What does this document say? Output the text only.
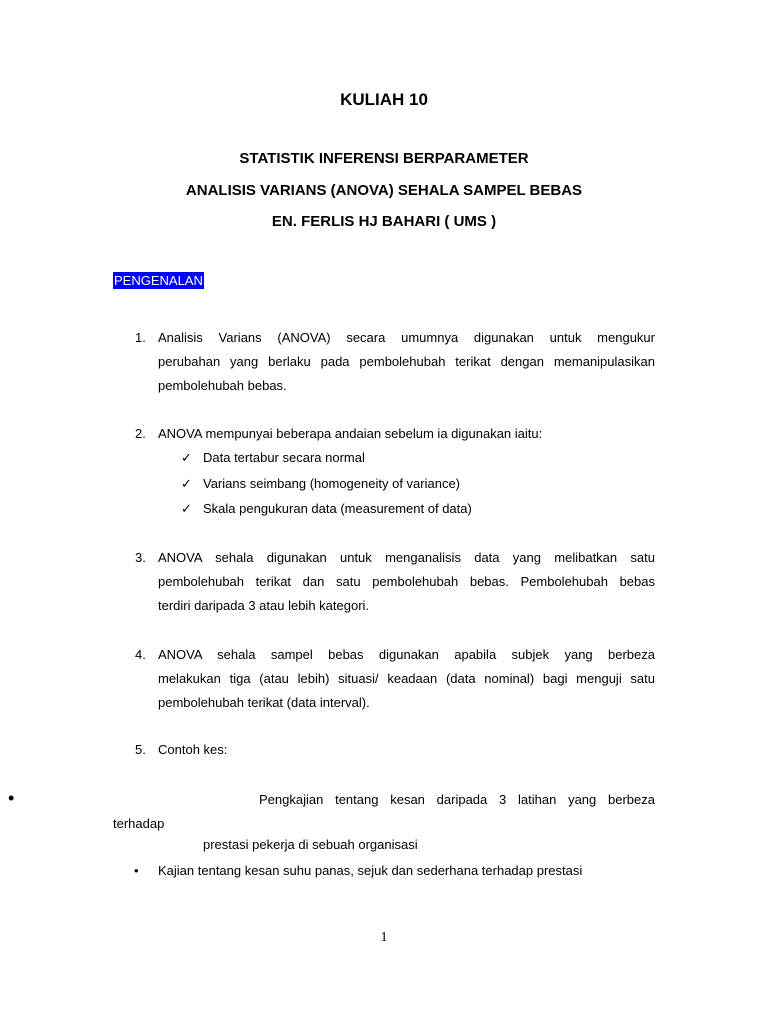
KULIAH 10
STATISTIK INFERENSI BERPARAMETER
ANALISIS VARIANS (ANOVA) SEHALA SAMPEL BEBAS
EN. FERLIS HJ BAHARI ( UMS )
PENGENALAN
1. Analisis Varians (ANOVA) secara umumnya digunakan untuk mengukur
perubahan yang berlaku pada pembolehubah terikat dengan memanipulasikan
pembolehubah bebas.
2. ANOVA mempunyai beberapa andaian sebelum ia digunakan iaitu:
✓ Data tertabur secara normal
✓ Varians seimbang (homogeneity of variance)
✓ Skala pengukuran data (measurement of data)
3. ANOVA sehala digunakan untuk menganalisis data yang melibatkan satu
pembolehubah terikat dan satu pembolehubah bebas. Pembolehubah bebas
terdiri daripada 3 atau lebih kategori.
4. ANOVA sehala sampel bebas digunakan apabila subjek yang berbeza
melakukan tiga (atau lebih) situasi/ keadaan (data nominal) bagi menguji satu
pembolehubah terikat (data interval).
5. Contoh kes:
•	Pengkajian tentang kesan daripada 3 latihan yang berbeza
terhadap
prestasi pekerja di sebuah organisasi
• Kajian tentang kesan suhu panas, sejuk dan sederhana terhadap prestasi
1
